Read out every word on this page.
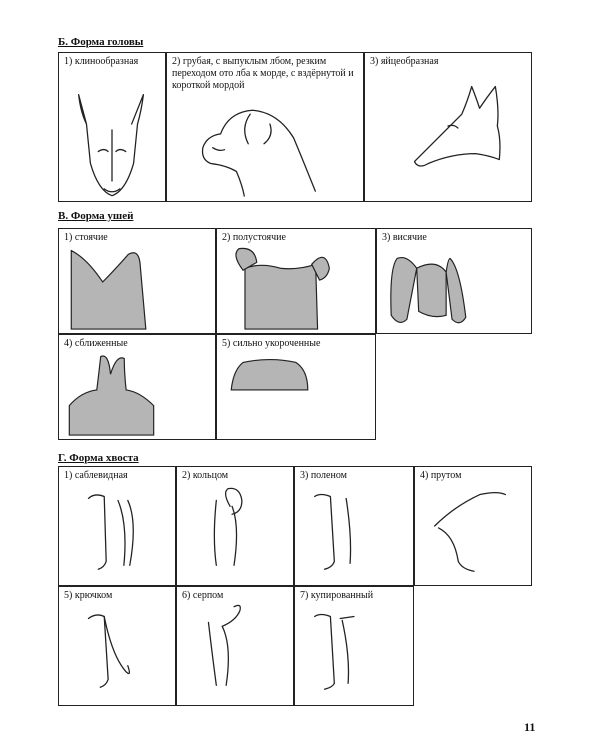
Б. Форма головы
1) клинообразная	2) грубая, с выпуклым лбом, резким переходом ото лба к морде, с вздёрнутой и короткой мордой
3) яйцеобразная
В. Форма ушей
1) стоячие	2) полустоячие	3) висячие
4) сближенные	5) сильно укороченные
Г. Форма хвоста
1) саблевидная	2) кольцом	3) поленом	4) прутом
5) крючком	6) серпом	7) купированный
11
